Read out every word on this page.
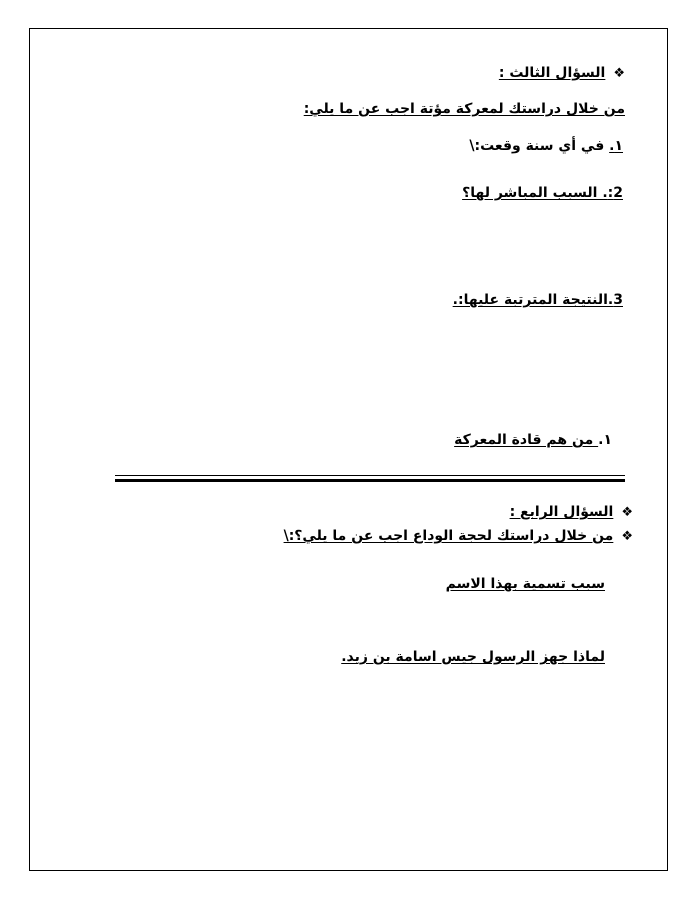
❖السؤال الثالث :
من خلال دراستك لمعركة مؤتة اجب عن ما يلي:
١. في أي سنة وقعت:\
2:. السبب المباشر لها؟
3.النتيجة المترتبة عليها:.
١. من هم قادة المعركة
❖السؤال الرابع :
❖من خلال دراستك لحجة الوداع اجب عن ما يلي؟:\
سبب تسمية بهذا الاسم
لماذا جهز الرسول جيس اسامة بن زيد.
